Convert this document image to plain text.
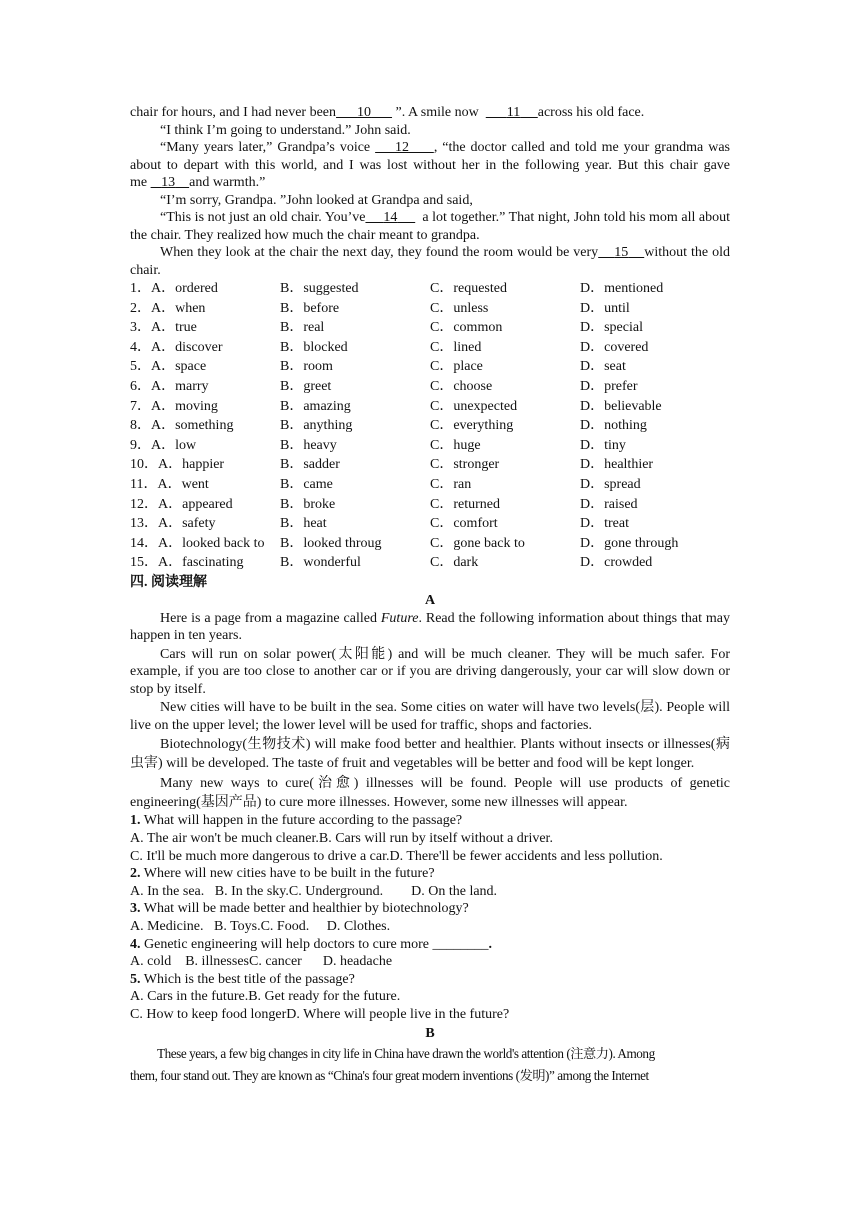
chair for hours, and I had never been 10 ”. A smile now 11 across his old face.

“I think I’m going to understand.” John said.

“Many years later,” Grandpa’s voice 12 , “the doctor called and told me your grandma was about to depart with this world, and I was lost without her in the following year. But this chair gave me 13 and warmth.”

“I’m sorry, Grandpa. ”John looked at Grandpa and said,

“This is not just an old chair. You’ve 14 a lot together.” That night, John told his mom all about the chair. They realized how much the chair meant to grandpa.

When they look at the chair the next day, they found the room would be very 15 without the old chair.

1．A．ordered	B．suggested	C．requested	D．mentioned
2．A．when	B．before	C．unless	D．until
3．A．true	B．real	C．common	D．special
4．A．discover	B．blocked	C．lined	D．covered
5．A．space	B．room	C．place	D．seat
6．A．marry	B．greet	C．choose	D．prefer
7．A．moving	B．amazing	C．unexpected	D．believable
8．A．something	B．anything	C．everything	D．nothing
9．A．low	B．heavy	C．huge	D．tiny
10．A．happier	B．sadder	C．stronger	D．healthier
11．A．went	B．came	C．ran	D．spread
12．A．appeared	B．broke	C．returned	D．raised
13．A．safety	B．heat	C．comfort	D．treat
14．A．looked back to	B．looked throug	C．gone back to	D．gone through
15．A．fascinating	B．wonderful	C．dark	D．crowded

四. 阅读理解

A

Here is a page from a magazine called Future. Read the following information about things that may happen in ten years.

Cars will run on solar power(太阳能) and will be much cleaner. They will be much safer. For example, if you are too close to another car or if you are driving dangerously, your car will slow down or stop by itself.

New cities will have to be built in the sea. Some cities on water will have two levels(层). People will live on the upper level; the lower level will be used for traffic, shops and factories.

Biotechnology(生物技术) will make food better and healthier. Plants without insects or illnesses(病虫害) will be developed. The taste of fruit and vegetables will be better and food will be kept longer.

Many new ways to cure(治愈) illnesses will be found. People will use products of genetic engineering(基因产品) to cure more illnesses. However, some new illnesses will appear.

1. What will happen in the future according to the passage?

A. The air won't be much cleaner.B. Cars will run by itself without a driver.

C. It'll be much more dangerous to drive a car.D. There'll be fewer accidents and less pollution.

2. Where will new cities have to be built in the future?

A. In the sea.   B. In the sky.C. Underground.        D. On the land.

3. What will be made better and healthier by biotechnology?

A. Medicine.   B. Toys.C. Food.     D. Clothes.

4. Genetic engineering will help doctors to cure more ________.

A. cold    B. illnessesC. cancer      D. headache

5. Which is the best title of the passage?

A. Cars in the future.B. Get ready for the future.

C. How to keep food longerD. Where will people live in the future?

B
These years, a few big changes in city life in China have drawn the world's attention (注意力). Among
them, four stand out. They are known as “China's four great modern inventions (发明)” among the Internet
